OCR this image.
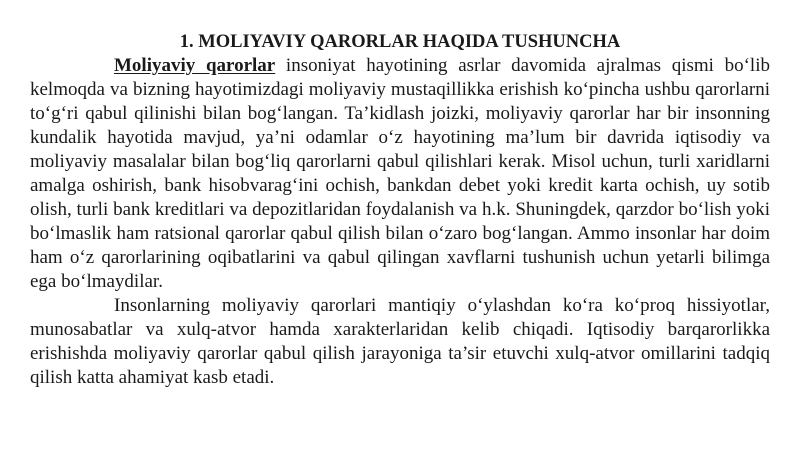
1. MOLIYAVIY QARORLAR HAQIDA TUSHUNCHA

Moliyaviy qarorlar insoniyat hayotining asrlar davomida ajralmas qismi bo‘lib kelmoqda va bizning hayotimizdagi moliyaviy mustaqillikka erishish koʻpincha ushbu qarorlarni to‘g‘ri qabul qilinishi bilan bog‘langan. Ta’kidlash joizki, moliyaviy qarorlar har bir insonning kundalik hayotida mavjud, ya’ni odamlar o‘z hayotining ma’lum bir davrida iqtisodiy va moliyaviy masalalar bilan bog‘liq qarorlarni qabul qilishlari kerak. Misol uchun, turli xaridlarni amalga oshirish, bank hisobvarag‘ini ochish, bankdan debet yoki kredit karta ochish, uy sotib olish, turli bank kreditlari va depozitlaridan foydalanish va h.k. Shuningdek, qarzdor bo‘lish yoki bo‘lmaslik ham ratsional qarorlar qabul qilish bilan o‘zaro bog‘langan. Ammo insonlar har doim ham o‘z qarorlarining oqibatlarini va qabul qilingan xavflarni tushunish uchun yetarli bilimga ega bo‘lmaydilar.

Insonlarning moliyaviy qarorlari mantiqiy o‘ylashdan ko‘ra ko‘proq hissiyotlar, munosabatlar va xulq-atvor hamda xarakterlaridan kelib chiqadi. Iqtisodiy barqarorlikka erishishda moliyaviy qarorlar qabul qilish jarayoniga ta’sir etuvchi xulq-atvor omillarini tadqiq qilish katta ahamiyat kasb etadi.
